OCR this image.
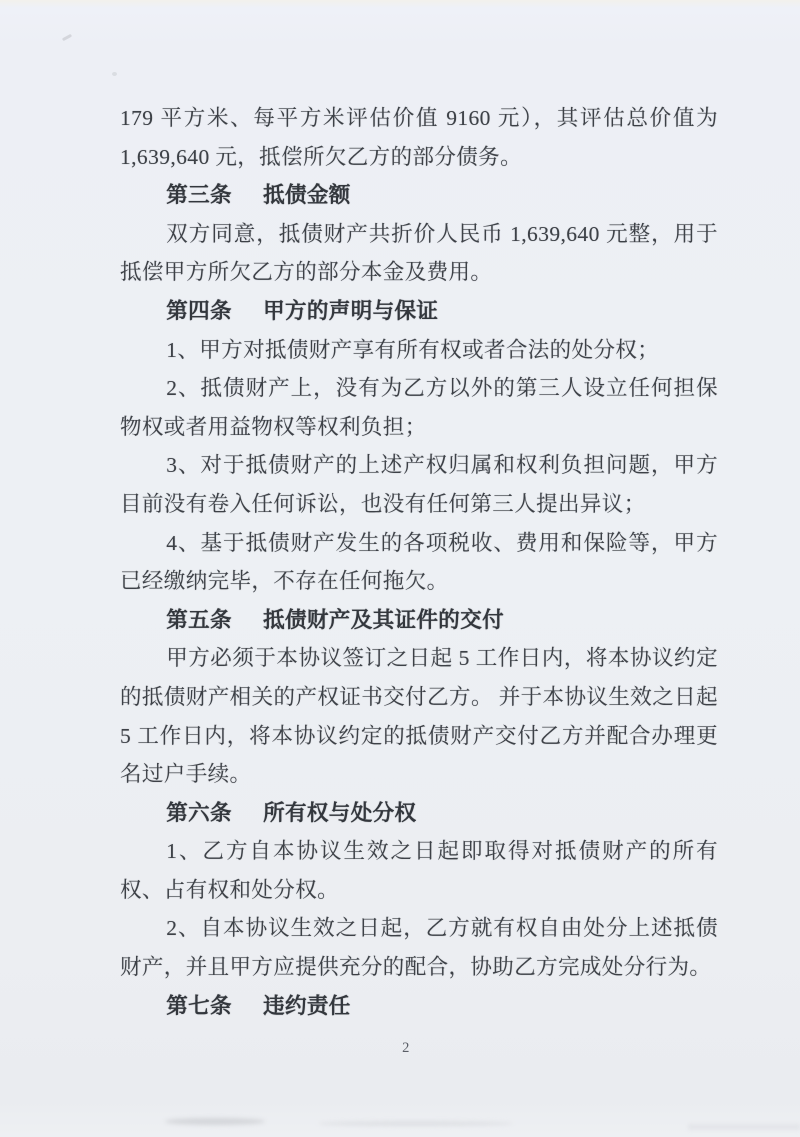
179 平方米、每平方米评估价值 9160 元），其评估总价值为 1,639,640 元，抵偿所欠乙方的部分债务。

第三条 抵债金额

双方同意，抵债财产共折价人民币 1,639,640 元整，用于抵偿甲方所欠乙方的部分本金及费用。

第四条 甲方的声明与保证

1、甲方对抵债财产享有所有权或者合法的处分权；

2、抵债财产上，没有为乙方以外的第三人设立任何担保物权或者用益物权等权利负担；

3、对于抵债财产的上述产权归属和权利负担问题，甲方目前没有卷入任何诉讼，也没有任何第三人提出异议；

4、基于抵债财产发生的各项税收、费用和保险等，甲方已经缴纳完毕，不存在任何拖欠。

第五条 抵债财产及其证件的交付

甲方必须于本协议签订之日起 5 工作日内，将本协议约定的抵债财产相关的产权证书交付乙方。 并于本协议生效之日起 5 工作日内，将本协议约定的抵债财产交付乙方并配合办理更名过户手续。

第六条 所有权与处分权

1、乙方自本协议生效之日起即取得对抵债财产的所有权、占有权和处分权。

2、自本协议生效之日起，乙方就有权自由处分上述抵债财产，并且甲方应提供充分的配合，协助乙方完成处分行为。

第七条 违约责任

2
